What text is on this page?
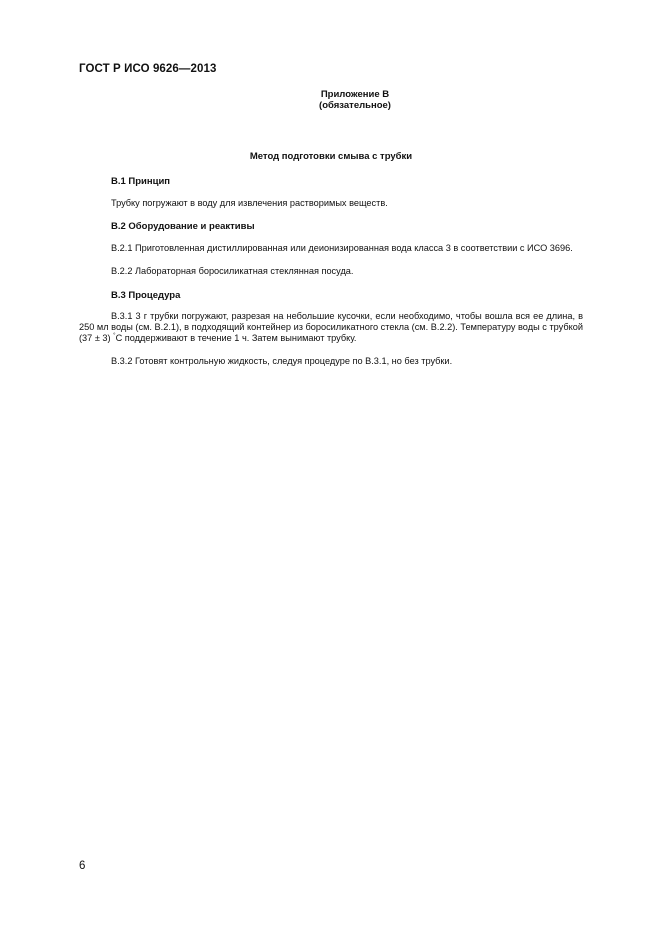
ГОСТ Р ИСО 9626—2013
Приложение В
(обязательное)
Метод подготовки смыва с трубки
В.1 Принцип
Трубку погружают в воду для извлечения растворимых веществ.
В.2 Оборудование и реактивы
В.2.1 Приготовленная дистиллированная или деионизированная вода класса 3 в соответствии с ИСО 3696.
В.2.2 Лабораторная боросиликатная стеклянная посуда.
В.3 Процедура
В.3.1 3 г трубки погружают, разрезая на небольшие кусочки, если необходимо, чтобы вошла вся ее длина, в 250 мл воды (см. В.2.1), в подходящий контейнер из боросиликатного стекла (см. В.2.2). Температуру воды с трубкой (37 ± 3) °С поддерживают в течение 1 ч. Затем вынимают трубку.
В.3.2 Готовят контрольную жидкость, следуя процедуре по В.3.1, но без трубки.
6
